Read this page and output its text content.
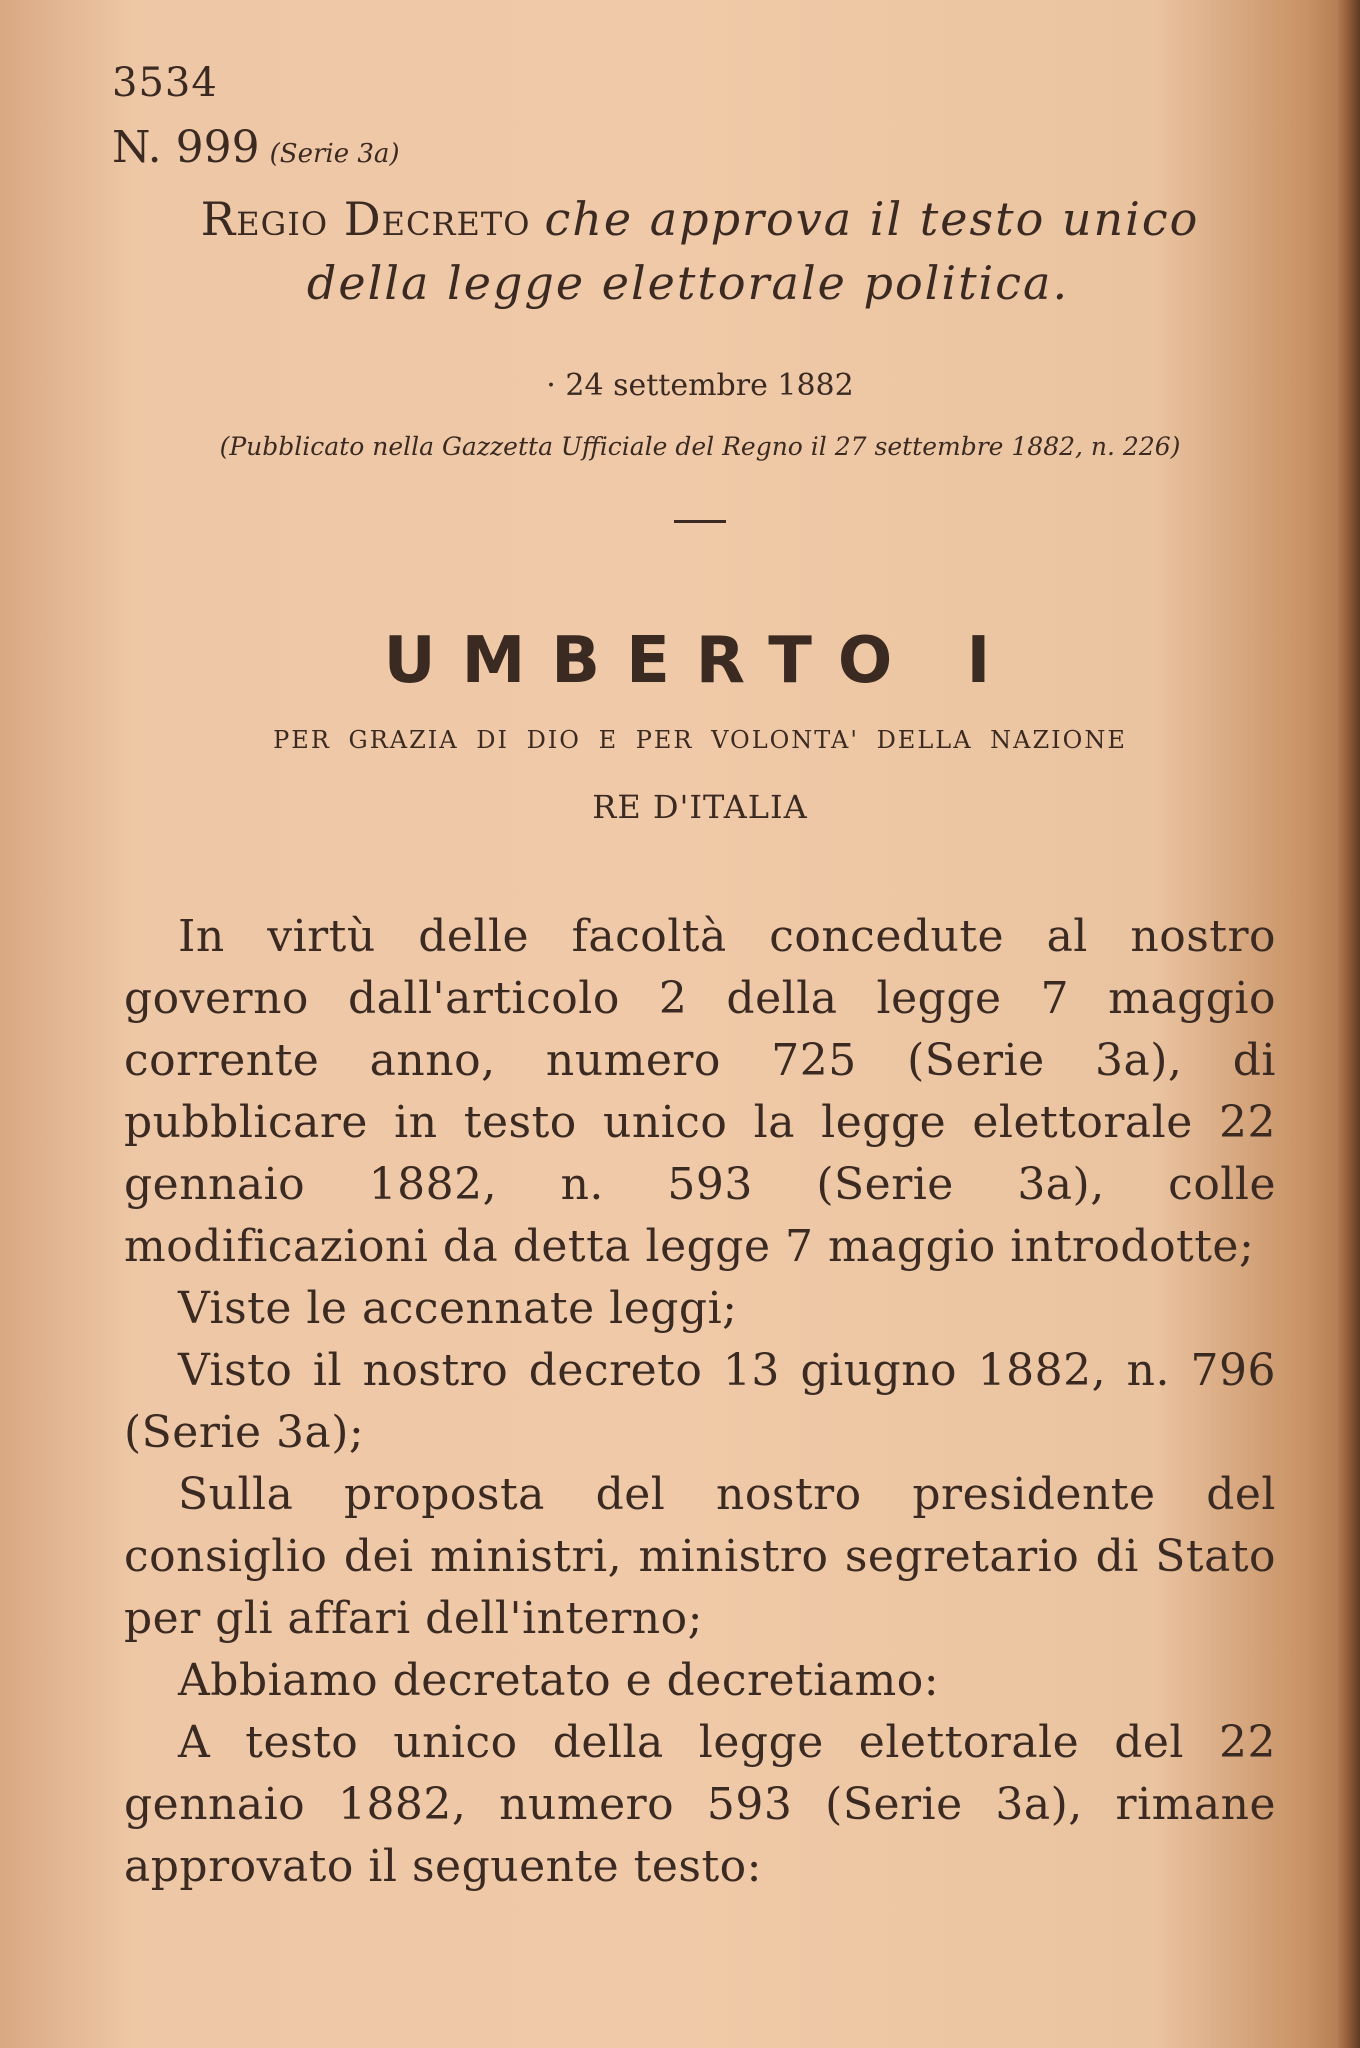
3534
N. 999 (Serie 3a)
Regio Decreto che approva il testo unico
della legge elettorale politica.
· 24 settembre 1882
(Pubblicato nella Gazzetta Ufficiale del Regno il 27 settembre 1882, n. 226)
UMBERTO I
PER GRAZIA DI DIO E PER VOLONTA' DELLA NAZIONE
RE D'ITALIA

In virtù delle facoltà concedute al nostro governo dall'articolo 2 della legge 7 maggio corrente anno, numero 725 (Serie 3a), di pubblicare in testo unico la legge elettorale 22 gennaio 1882, n. 593 (Serie 3a), colle modificazioni da detta legge 7 maggio introdotte;

Viste le accennate leggi;

Visto il nostro decreto 13 giugno 1882, n. 796 (Serie 3a);

Sulla proposta del nostro presidente del consiglio dei ministri, ministro segretario di Stato per gli affari dell'interno;

Abbiamo decretato e decretiamo:

A testo unico della legge elettorale del 22 gennaio 1882, numero 593 (Serie 3a), rimane approvato il seguente testo:
